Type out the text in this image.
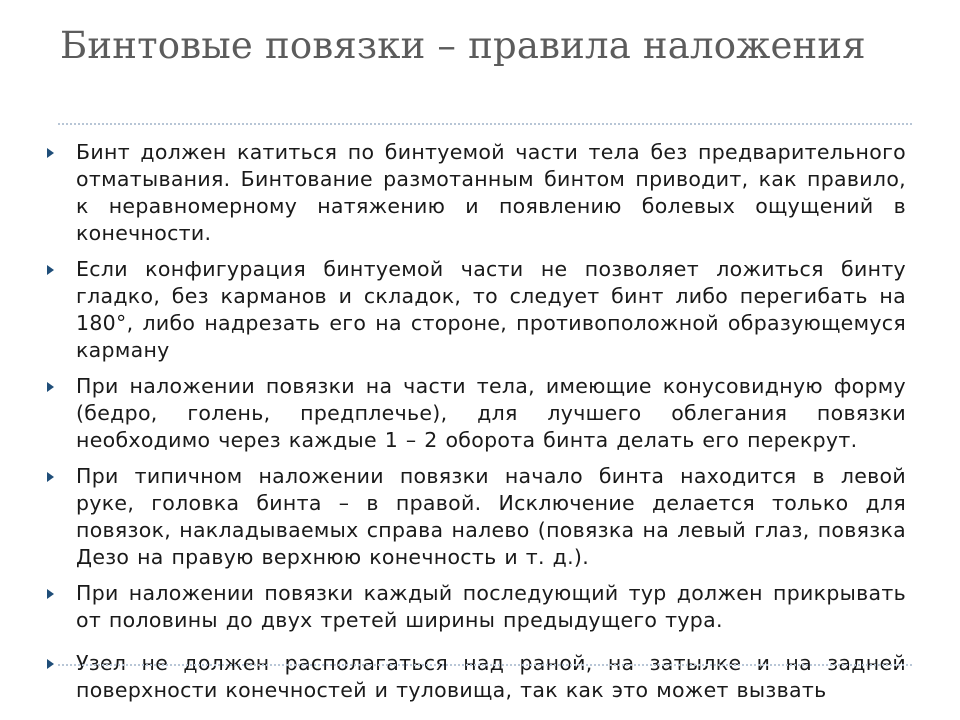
Бинтовые повязки – правила наложения
Бинт должен катиться по бинтуемой части тела без предварительного отматывания. Бинтование размотанным бинтом приводит, как правило, к неравномерному натяжению и появлению болевых ощущений в конечности.
Если конфигурация бинтуемой части не позволяет ложиться бинту гладко, без карманов и складок, то следует бинт либо перегибать на 180°, либо надрезать его на стороне, противоположной образующемуся карману
При наложении повязки на части тела, имеющие конусовидную форму (бедро, голень, предплечье), для лучшего облегания повязки необходимо через каждые 1 – 2 оборота бинта делать его перекрут.
При типичном наложении повязки начало бинта находится в левой руке, головка бинта – в правой. Исключение делается только для повязок, накладываемых справа налево (повязка на левый глаз, повязка Дезо на правую верхнюю конечность и т. д.).
При наложении повязки каждый последующий тур должен прикрывать от половины до двух третей ширины предыдущего тура.
Узел не должен располагаться над раной, на затылке и на задней поверхности конечностей и туловища, так как это может вызвать
